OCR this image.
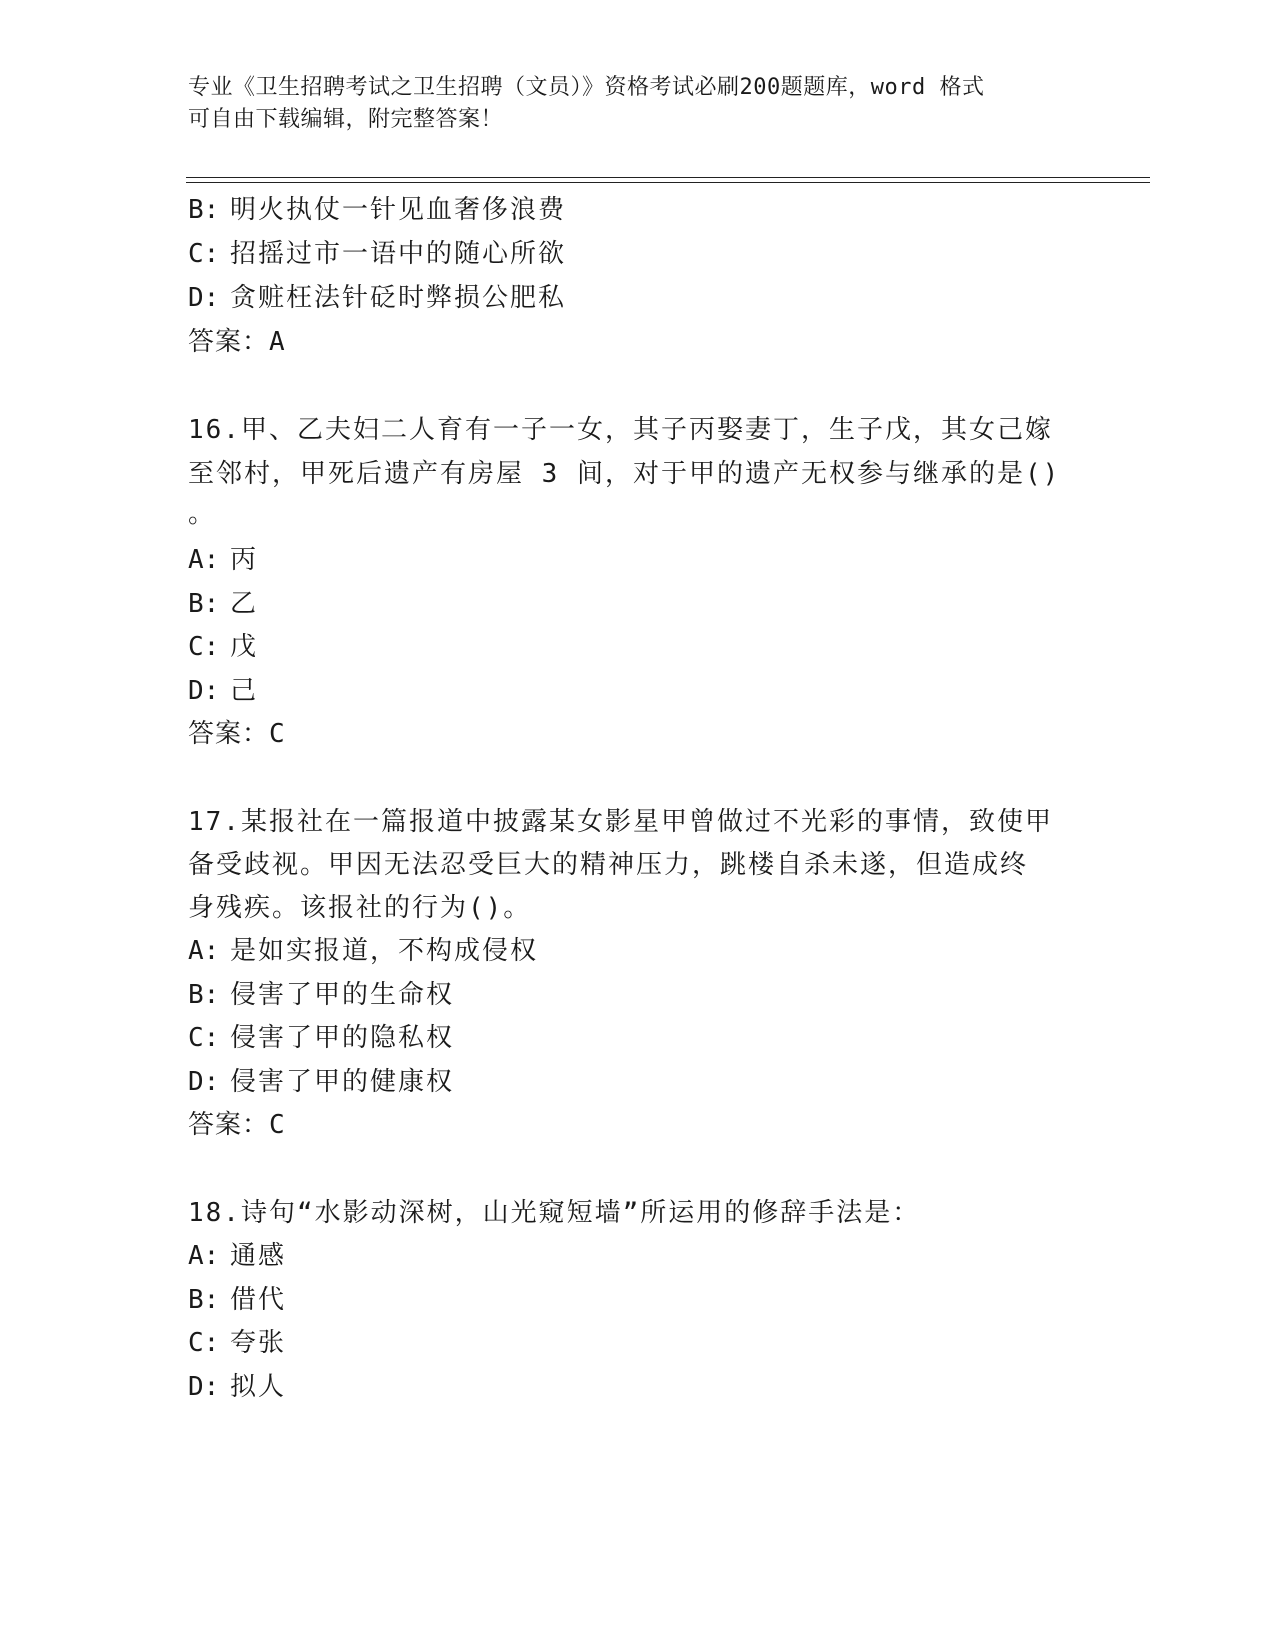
专业《卫生招聘考试之卫生招聘（文员）》资格考试必刷200题题库，word 格式
可自由下载编辑，附完整答案！
B: 明火执仗一针见血奢侈浪费
C: 招摇过市一语中的随心所欲
D: 贪赃枉法针砭时弊损公肥私
答案：A
16.甲、乙夫妇二人育有一子一女，其子丙娶妻丁，生子戊，其女己嫁
至邻村，甲死后遗产有房屋 3 间，对于甲的遗产无权参与继承的是()
。
A: 丙
B: 乙
C: 戊
D: 己
答案：C
17.某报社在一篇报道中披露某女影星甲曾做过不光彩的事情，致使甲
备受歧视。甲因无法忍受巨大的精神压力，跳楼自杀未遂，但造成终
身残疾。该报社的行为()。
A: 是如实报道，不构成侵权
B: 侵害了甲的生命权
C: 侵害了甲的隐私权
D: 侵害了甲的健康权
答案：C
18.诗句“水影动深树，山光窥短墙”所运用的修辞手法是：
A: 通感
B: 借代
C: 夸张
D: 拟人
